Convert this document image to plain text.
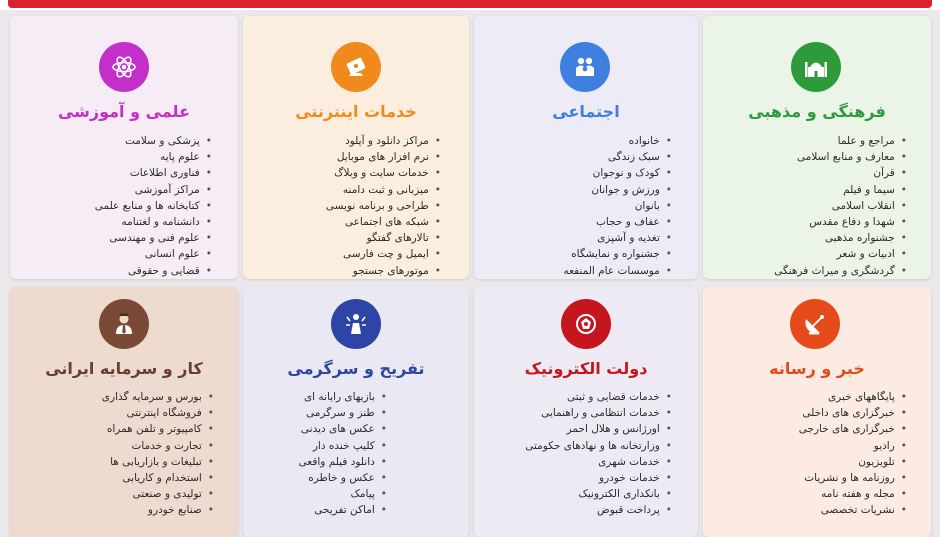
فرهنگی و مذهبی
• مراجع و علما
• معارف و منابع اسلامی
• قرآن
• سیما و فیلم
• انقلاب اسلامی
• شهدا و دفاع مقدس
• جشنواره مذهبی
• ادبیات و شعر
• گردشگری و میراث فرهنگی
اجتماعی
• خانواده
• سبک زندگی
• کودک و نوجوان
• ورزش و جوانان
• بانوان
• عفاف و حجاب
• تغذیه و آشپزی
• جشنواره و نمایشگاه
• موسسات عام المنفعه
خدمات اینترنتی
• مراکز دانلود و آپلود
• نرم افزار های موبایل
• خدمات سایت و وبلاگ
• میزبانی و ثبت دامنه
• طراحی و برنامه نویسی
• شبکه های اجتماعی
• تالارهای گفتگو
• ایمیل و چت فارسی
• موتورهای جستجو
علمی و آموزشی
• پزشکی و سلامت
• علوم پایه
• فناوری اطلاعات
• مراکز آموزشی
• کتابخانه ها و منابع علمی
• دانشنامه و لغتنامه
• علوم فنی و مهندسی
• علوم انسانی
• قضایی و حقوقی
خبر و رسانه
• پایگاههای خبری
• خبرگزاری های داخلی
• خبرگزاری های خارجی
• رادیو
• تلویزیون
• روزنامه ها و نشریات
• مجله و هفته نامه
• نشریات تخصصی
دولت الکترونیک
• خدمات قضایی و ثبتی
• خدمات انتظامی و راهنمایی
• اورژانس و هلال احمر
• وزارتخانه ها و نهادهای حکومتی
• خدمات شهری
• خدمات خودرو
• بانکداری الکترونیک
• پرداخت قبوض
تفریح و سرگرمی
• بازیهای رایانه ای
• طنز و سرگرمی
• عکس های دیدنی
• کلیپ خنده دار
• دانلود فیلم واقعی
• عکس و خاطره
• پیامک
• اماکن تفریحی
کار و سرمایه ایرانی
• بورس و سرمایه گذاری
• فروشگاه اینترنتی
• کامپیوتر و تلفن همراه
• تجارت و خدمات
• تبلیغات و بازاریابی ها
• استخدام و کاریابی
• تولیدی و صنعتی
• صنایع خودرو
